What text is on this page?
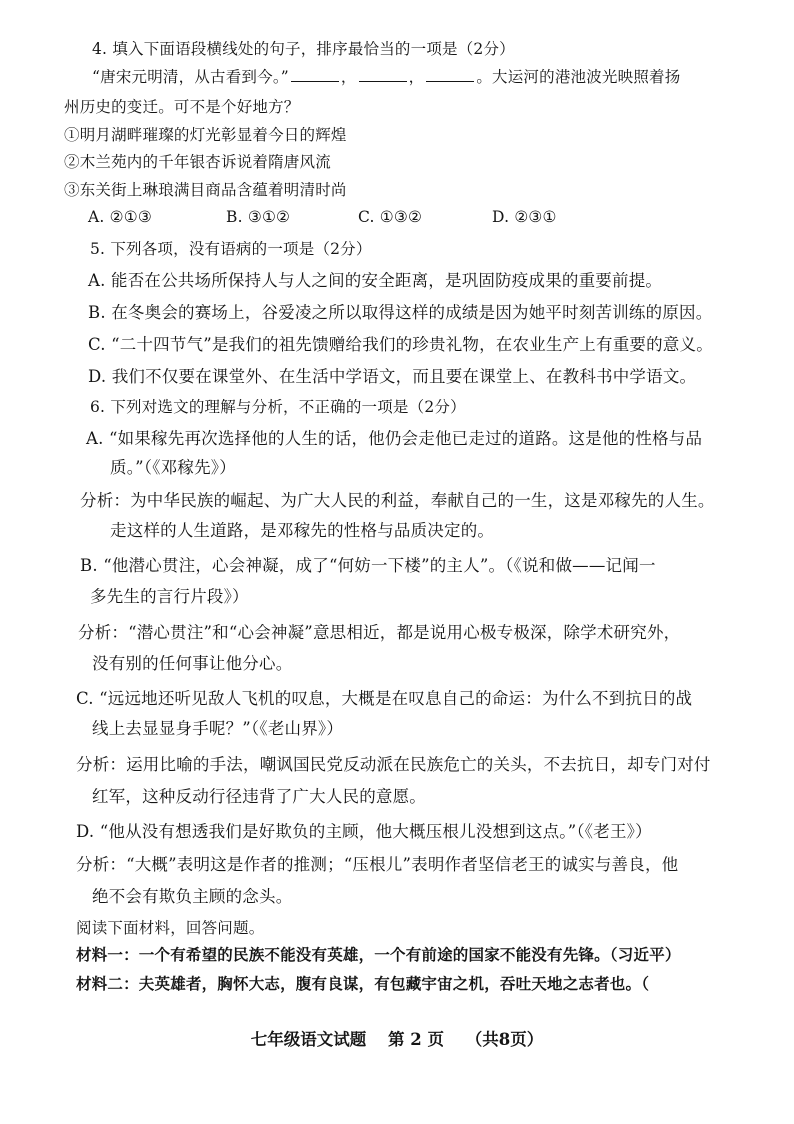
4. 填入下面语段横线处的句子，排序最恰当的一项是（2分）
“唐宋元明清，从古看到今。”	，	，	。大运河的港池波光映照着扬
州历史的变迁。可不是个好地方？
①明月湖畔璀璨的灯光彰显着今日的辉煌
②木兰苑内的千年银杏诉说着隋唐风流
③东关街上琳琅满目商品含蕴着明清时尚
A. ②①③	B. ③①②	C. ①③②	D. ②③①
5. 下列各项，没有语病的一项是（2分）
A. 能否在公共场所保持人与人之间的安全距离，是巩固防疫成果的重要前提。
B. 在冬奥会的赛场上，谷爱凌之所以取得这样的成绩是因为她平时刻苦训练的原因。
C. “二十四节气”是我们的祖先馈赠给我们的珍贵礼物，在农业生产上有重要的意义。
D. 我们不仅要在课堂外、在生活中学语文，而且要在课堂上、在教科书中学语文。
6. 下列对选文的理解与分析，不正确的一项是（2分）
A. “如果稼先再次选择他的人生的话，他仍会走他已走过的道路。这是他的性格与品
质。”（《邓稼先》）
分析：为中华民族的崛起、为广大人民的利益，奉献自己的一生，这是邓稼先的人生。
走这样的人生道路，是邓稼先的性格与品质决定的。
B. “他潜心贯注，心会神凝，成了“何妨一下楼”的主人”。（《说和做——记闻一
多先生的言行片段》）
分析：“潜心贯注”和“心会神凝”意思相近，都是说用心极专极深，除学术研究外，
没有别的任何事让他分心。
C. “远远地还听见敌人飞机的叹息，大概是在叹息自己的命运：为什么不到抗日的战
线上去显显身手呢？”（《老山界》）
分析：运用比喻的手法，嘲讽国民党反动派在民族危亡的关头，不去抗日，却专门对付
红军，这种反动行径违背了广大人民的意愿。
D. “他从没有想透我们是好欺负的主顾，他大概压根儿没想到这点。”（《老王》）
分析：“大概”表明这是作者的推测；“压根儿”表明作者坚信老王的诚实与善良，他
绝不会有欺负主顾的念头。
阅读下面材料，回答问题。
材料一：一个有希望的民族不能没有英雄，一个有前途的国家不能没有先锋。（习近平）
材料二：夫英雄者，胸怀大志，腹有良谋，有包藏宇宙之机，吞吐天地之志者也。（
七年级语文试题 第 2 页 （共8页）
